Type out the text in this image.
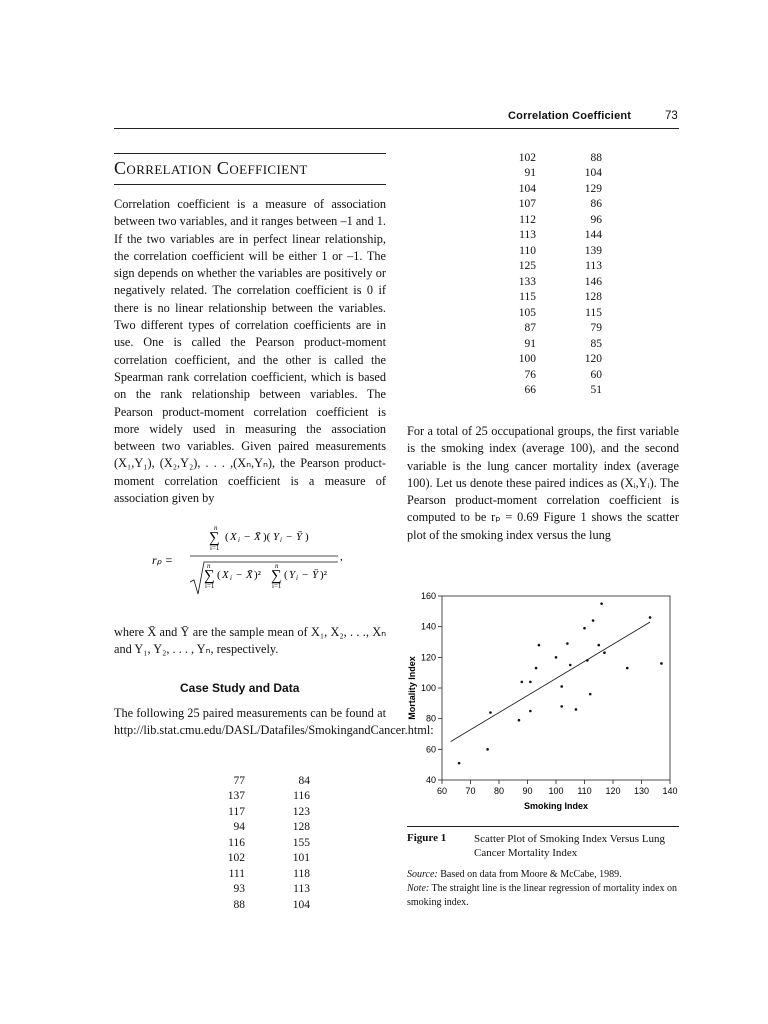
Correlation Coefficient	73
Correlation Coefficient

Correlation coefficient is a measure of association between two variables, and it ranges between –1 and 1. If the two variables are in perfect linear relationship, the correlation coefficient will be either 1 or –1. The sign depends on whether the variables are positively or negatively related. The correlation coefficient is 0 if there is no linear relationship between the variables. Two different types of correlation coefficients are in use. One is called the Pearson product-moment correlation coefficient, and the other is called the Spearman rank correlation coefficient, which is based on the rank relationship between variables. The Pearson product-moment correlation coefficient is more widely used in measuring the association between two variables. Given paired measurements (X₁,Y₁), (X₂,Y₂), . . . ,(Xₙ,Yₙ), the Pearson product-moment correlation coefficient is a measure of association given by

rₚ =
n
∑
i=1
( X i − X̄ )( Y i − Ȳ )
,
n
∑
i=1
( X i − X̄ )²
n
∑
i=1
( Y i − Ȳ )²

where X̄ and Ȳ are the sample mean of X₁, X₂, . . ., Xₙ and Y₁, Y₂, . . . , Yₙ, respectively.

Case Study and Data

The following 25 paired measurements can be found at http://lib.stat.cmu.edu/DASL/Datafiles/SmokingandCancer.html:

77	84
137	116
117	123
94	128
116	155
102	101
111	118
93	113
88	104
102	88
91	104
104	129
107	86
112	96
113	144
110	139
125	113
133	146
115	128
105	115
87	79
91	85
100	120
76	60
66	51

For a total of 25 occupational groups, the first variable is the smoking index (average 100), and the second variable is the lung cancer mortality index (average 100). Let us denote these paired indices as (Xᵢ,Yᵢ). The Pearson product-moment correlation coefficient is computed to be rₚ = 0.69 Figure 1 shows the scatter plot of the smoking index versus the lung

60 70 80 90 100 110 120 130 140
40
60
80
100
120
140
160
Smoking Index
Mortality Index
Figure 1	Scatter Plot of Smoking Index Versus Lung Cancer Mortality Index
Source: Based on data from Moore & McCabe, 1989.
Note: The straight line is the linear regression of mortality index on smoking index.
